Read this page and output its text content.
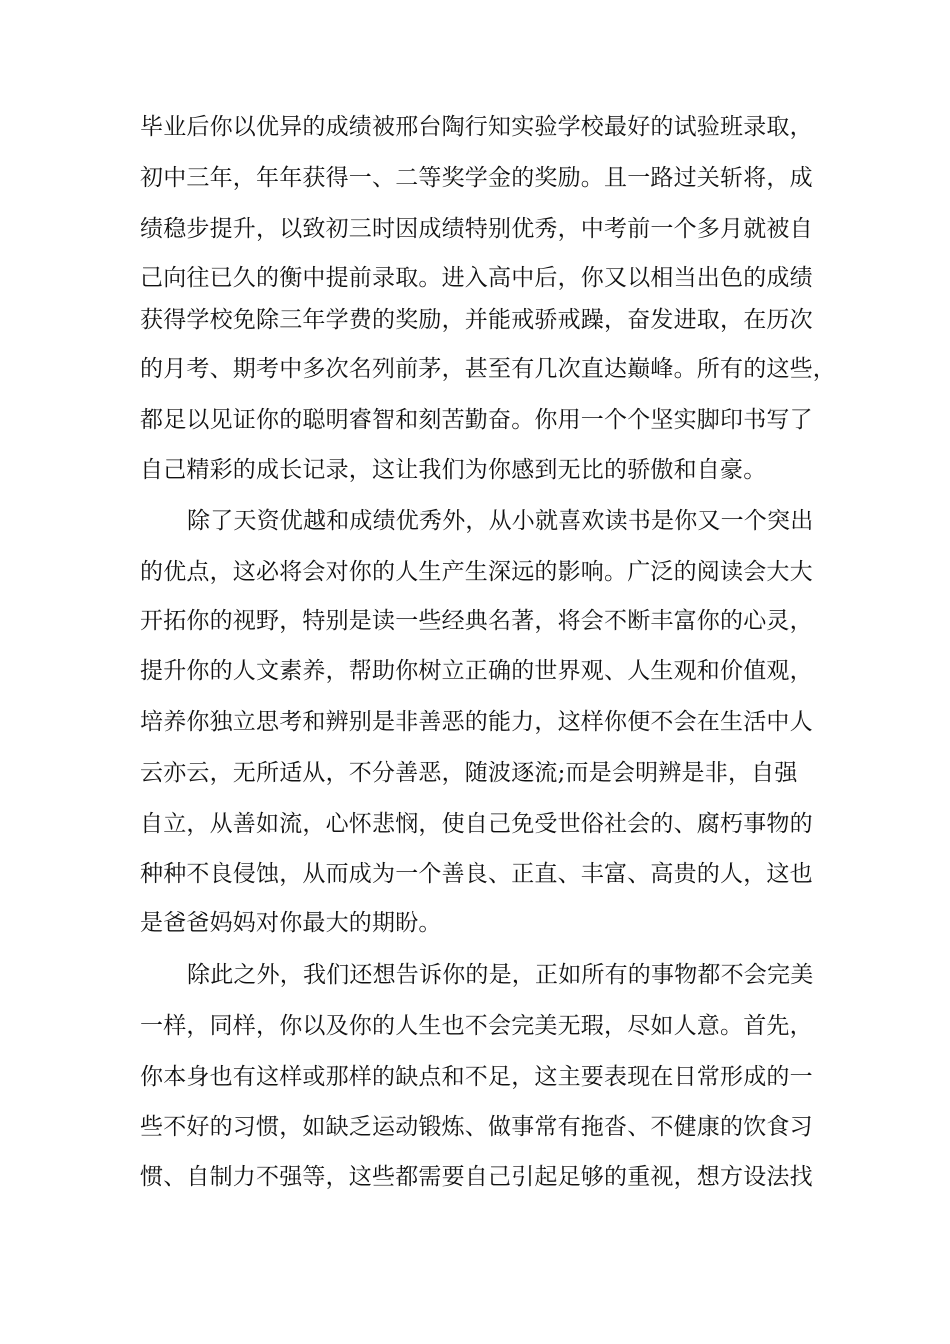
毕业后你以优异的成绩被邢台陶行知实验学校最好的试验班录取，

初中三年，年年获得一、二等奖学金的奖励。且一路过关斩将，成

绩稳步提升，以致初三时因成绩特别优秀，中考前一个多月就被自

己向往已久的衡中提前录取。进入高中后，你又以相当出色的成绩

获得学校免除三年学费的奖励，并能戒骄戒躁，奋发进取，在历次

的月考、期考中多次名列前茅，甚至有几次直达巅峰。所有的这些，

都足以见证你的聪明睿智和刻苦勤奋。你用一个个坚实脚印书写了

自己精彩的成长记录，这让我们为你感到无比的骄傲和自豪。

除了天资优越和成绩优秀外，从小就喜欢读书是你又一个突出

的优点，这必将会对你的人生产生深远的影响。广泛的阅读会大大

开拓你的视野，特别是读一些经典名著，将会不断丰富你的心灵，

提升你的人文素养，帮助你树立正确的世界观、人生观和价值观，

培养你独立思考和辨别是非善恶的能力，这样你便不会在生活中人

云亦云，无所适从，不分善恶，随波逐流;而是会明辨是非，自强

自立，从善如流，心怀悲悯，使自己免受世俗社会的、腐朽事物的

种种不良侵蚀，从而成为一个善良、正直、丰富、高贵的人，这也

是爸爸妈妈对你最大的期盼。

除此之外，我们还想告诉你的是，正如所有的事物都不会完美

一样，同样，你以及你的人生也不会完美无瑕，尽如人意。首先，

你本身也有这样或那样的缺点和不足，这主要表现在日常形成的一

些不好的习惯，如缺乏运动锻炼、做事常有拖沓、不健康的饮食习

惯、自制力不强等，这些都需要自己引起足够的重视，想方设法找
